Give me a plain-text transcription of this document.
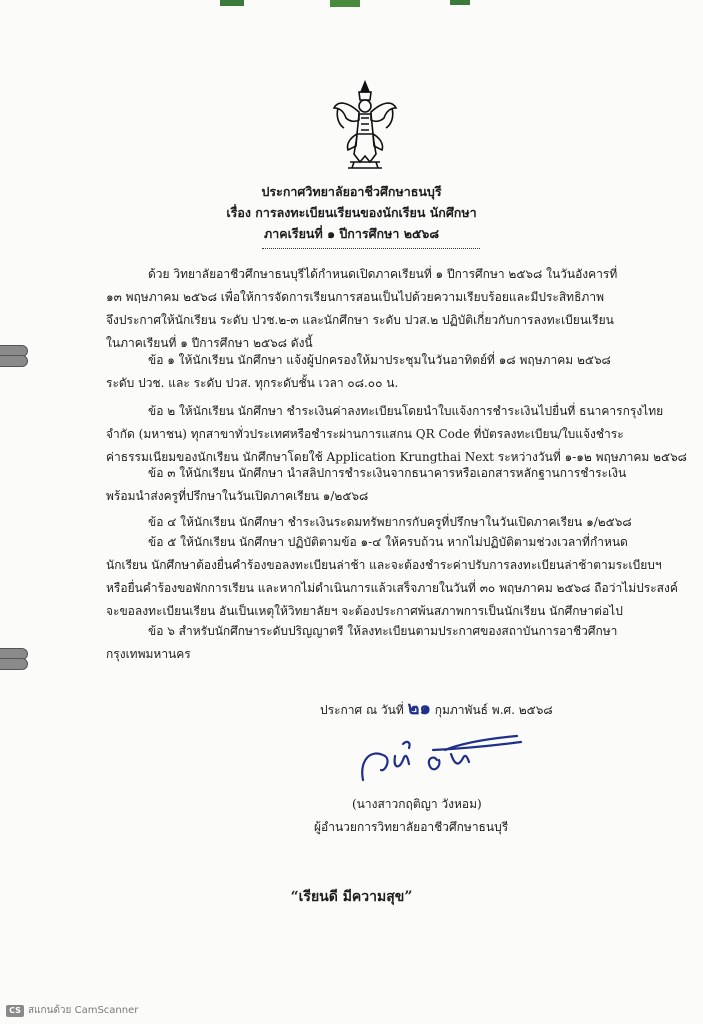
ประกาศวิทยาลัยอาชีวศึกษาธนบุรี
เรื่อง การลงทะเบียนเรียนของนักเรียน นักศึกษา
ภาคเรียนที่ ๑ ปีการศึกษา ๒๕๖๘
ด้วย วิทยาลัยอาชีวศึกษาธนบุรีได้กำหนดเปิดภาคเรียนที่ ๑ ปีการศึกษา ๒๕๖๘ ในวันอังคารที่
๑๓ พฤษภาคม ๒๕๖๘ เพื่อให้การจัดการเรียนการสอนเป็นไปด้วยความเรียบร้อยและมีประสิทธิภาพ
จึงประกาศให้นักเรียน ระดับ ปวช.๒-๓ และนักศึกษา ระดับ ปวส.๒ ปฏิบัติเกี่ยวกับการลงทะเบียนเรียน
ในภาคเรียนที่ ๑ ปีการศึกษา ๒๕๖๘ ดังนี้
ข้อ ๑ ให้นักเรียน นักศึกษา แจ้งผู้ปกครองให้มาประชุมในวันอาทิตย์ที่ ๑๘ พฤษภาคม ๒๕๖๘
ระดับ ปวช. และ ระดับ ปวส. ทุกระดับชั้น เวลา ๐๘.๐๐ น.
ข้อ ๒ ให้นักเรียน นักศึกษา ชำระเงินค่าลงทะเบียนโดยนำใบแจ้งการชำระเงินไปยื่นที่ ธนาคารกรุงไทย
จำกัด (มหาชน) ทุกสาขาทั่วประเทศหรือชำระผ่านการแสกน QR Code ที่บัตรลงทะเบียน/ใบแจ้งชำระ
ค่าธรรมเนียมของนักเรียน นักศึกษาโดยใช้ Application Krungthai Next ระหว่างวันที่ ๑-๑๒ พฤษภาคม ๒๕๖๘
ข้อ ๓ ให้นักเรียน นักศึกษา นำสลิปการชำระเงินจากธนาคารหรือเอกสารหลักฐานการชำระเงิน
พร้อมนำส่งครูที่ปรึกษาในวันเปิดภาคเรียน ๑/๒๕๖๘
ข้อ ๔ ให้นักเรียน นักศึกษา ชำระเงินระดมทรัพยากรกับครูที่ปรึกษาในวันเปิดภาคเรียน ๑/๒๕๖๘
ข้อ ๕ ให้นักเรียน นักศึกษา ปฏิบัติตามข้อ ๑-๔ ให้ครบถ้วน หากไม่ปฏิบัติตามช่วงเวลาที่กำหนด
นักเรียน นักศึกษาต้องยื่นคำร้องขอลงทะเบียนล่าช้า และจะต้องชำระค่าปรับการลงทะเบียนล่าช้าตามระเบียบฯ
หรือยื่นคำร้องขอพักการเรียน และหากไม่ดำเนินการแล้วเสร็จภายในวันที่ ๓๐ พฤษภาคม ๒๕๖๘ ถือว่าไม่ประสงค์
จะขอลงทะเบียนเรียน อันเป็นเหตุให้วิทยาลัยฯ จะต้องประกาศพ้นสภาพการเป็นนักเรียน นักศึกษาต่อไป
ข้อ ๖ สำหรับนักศึกษาระดับปริญญาตรี ให้ลงทะเบียนตามประกาศของสถาบันการอาชีวศึกษา
กรุงเทพมหานคร
ประกาศ ณ วันที่ ๒๑ กุมภาพันธ์ พ.ศ. ๒๕๖๘
(นางสาวกฤติญา วังหอม)
ผู้อำนวยการวิทยาลัยอาชีวศึกษาธนบุรี
“เรียนดี มีความสุข”
CS สแกนด้วย CamScanner
